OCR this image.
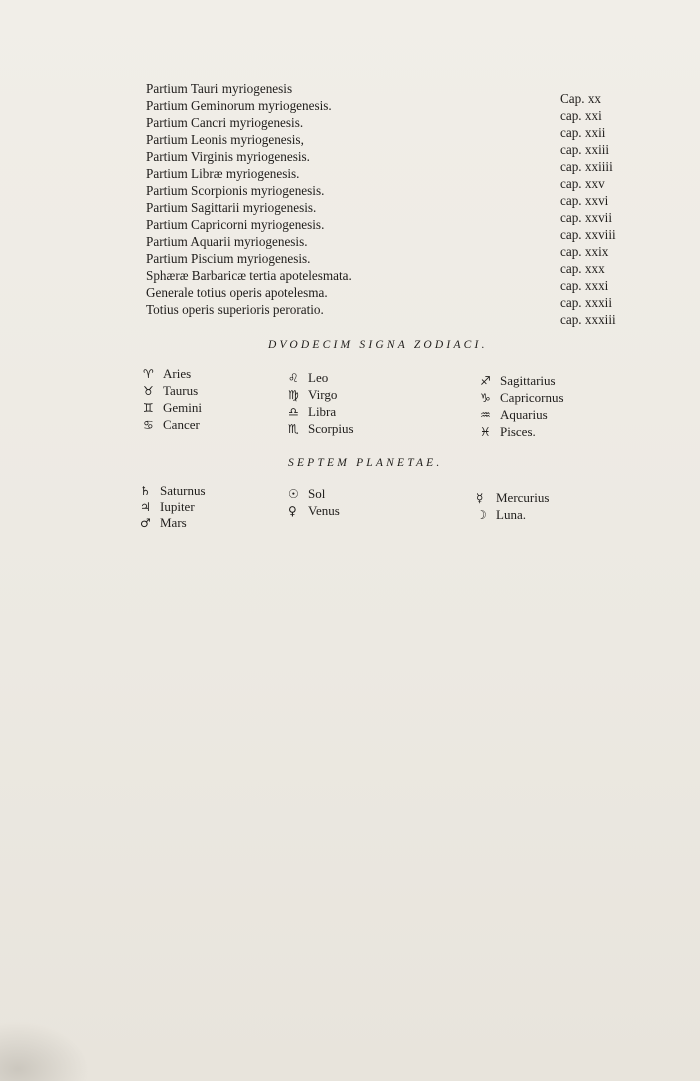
Partium Tauri myriogenesis
Cap. xx
Partium Geminorum myriogenesis.
cap. xxi
Partium Cancri myriogenesis.
cap. xxii
Partium Leonis myriogenesis,
cap. xxiii
Partium Virginis myriogenesis.
cap. xxiiii
Partium Libræ myriogenesis.
cap. xxv
Partium Scorpionis myriogenesis.
cap. xxvi
Partium Sagittarii myriogenesis.
cap. xxvii
Partium Capricorni myriogenesis.
cap. xxviii
Partium Aquarii myriogenesis.
cap. xxix
Partium Piscium myriogenesis.
cap. xxx
Sphæræ Barbaricæ tertia apotelesmata.
cap. xxxi
Generale totius operis apotelesma.
cap. xxxii
Totius operis superioris peroratio.
cap. xxxiii
DVODECIM SIGNA ZODIACI.
♈ Aries
♉ Taurus
♊ Gemini
♋ Cancer
♌ Leo
♍ Virgo
♎ Libra
♏ Scorpius
♐ Sagittarius
♑ Capricornus
♒ Aquarius
♓ Pisces.
SEPTEM PLANETAE.
♄ Saturnus
♃ Iupiter
♂ Mars
☉ Sol
♀ Venus
☿ Mercurius
☽ Luna.
